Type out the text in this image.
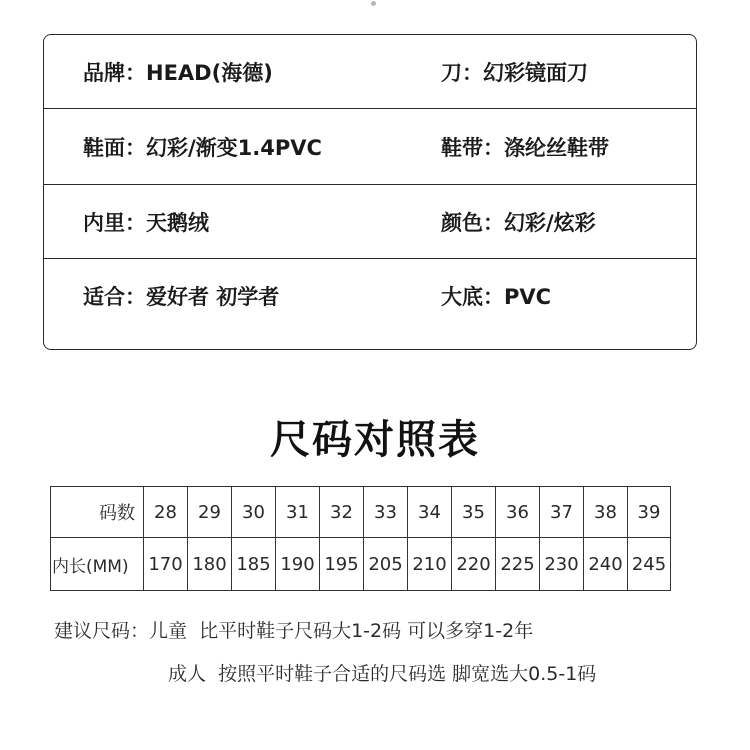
品牌：HEAD(海德)	刀：幻彩镜面刀
鞋面：幻彩/渐变1.4PVC	鞋带：涤纶丝鞋带
内里：天鹅绒	颜色：幻彩/炫彩
适合：爱好者 初学者	大底：PVC
尺码对照表
码数	28	29	30	31	32	33	34	35	36	37	38	39
内长(MM)	170	180	185	190	195	205	210	220	225	230	240	245
建议尺码：儿童  比平时鞋子尺码大1-2码 可以多穿1-2年
成人  按照平时鞋子合适的尺码选 脚宽选大0.5-1码
